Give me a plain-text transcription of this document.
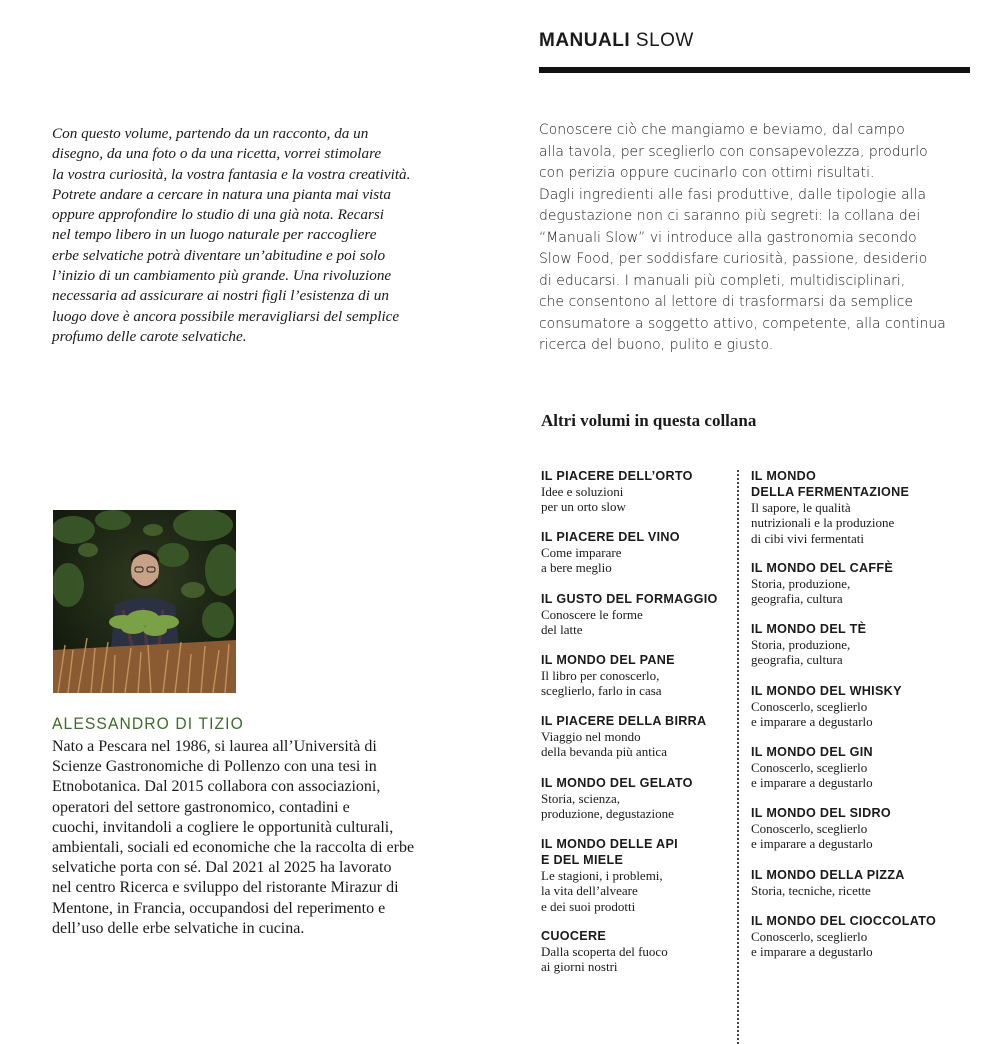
MANUALI SLOW
Con questo volume, partendo da un racconto, da un
disegno, da una foto o da una ricetta, vorrei stimolare
la vostra curiosità, la vostra fantasia e la vostra creatività.
Potrete andare a cercare in natura una pianta mai vista
oppure approfondire lo studio di una già nota. Recarsi
nel tempo libero in un luogo naturale per raccogliere
erbe selvatiche potrà diventare un’abitudine e poi solo
l’inizio di un cambiamento più grande. Una rivoluzione
necessaria ad assicurare ai nostri figli l’esistenza di un
luogo dove è ancora possibile meravigliarsi del semplice
profumo delle carote selvatiche.
Conoscere ciò che mangiamo e beviamo, dal campo
alla tavola, per sceglierlo con consapevolezza, produrlo
con perizia oppure cucinarlo con ottimi risultati.
Dagli ingredienti alle fasi produttive, dalle tipologie alla
degustazione non ci saranno più segreti: la collana dei
“Manuali Slow” vi introduce alla gastronomia secondo
Slow Food, per soddisfare curiosità, passione, desiderio
di educarsi. I manuali più completi, multidisciplinari,
che consentono al lettore di trasformarsi da semplice
consumatore a soggetto attivo, competente, alla continua
ricerca del buono, pulito e giusto.
Altri volumi in questa collana
ALESSANDRO DI TIZIO
Nato a Pescara nel 1986, si laurea all’Università di
Scienze Gastronomiche di Pollenzo con una tesi in
Etnobotanica. Dal 2015 collabora con associazioni,
operatori del settore gastronomico, contadini e
cuochi, invitandoli a cogliere le opportunità culturali,
ambientali, sociali ed economiche che la raccolta di erbe
selvatiche porta con sé. Dal 2021 al 2025 ha lavorato
nel centro Ricerca e sviluppo del ristorante Mirazur di
Mentone, in Francia, occupandosi del reperimento e
dell’uso delle erbe selvatiche in cucina.
IL PIACERE DELL’ORTO
Idee e soluzioni
per un orto slow
IL PIACERE DEL VINO
Come imparare
a bere meglio
IL GUSTO DEL FORMAGGIO
Conoscere le forme
del latte
IL MONDO DEL PANE
Il libro per conoscerlo,
sceglierlo, farlo in casa
IL PIACERE DELLA BIRRA
Viaggio nel mondo
della bevanda più antica
IL MONDO DEL GELATO
Storia, scienza,
produzione, degustazione
IL MONDO DELLE API
E DEL MIELE
Le stagioni, i problemi,
la vita dell’alveare
e dei suoi prodotti
CUOCERE
Dalla scoperta del fuoco
ai giorni nostri
IL MONDO
DELLA FERMENTAZIONE
Il sapore, le qualità
nutrizionali e la produzione
di cibi vivi fermentati
IL MONDO DEL CAFFÈ
Storia, produzione,
geografia, cultura
IL MONDO DEL TÈ
Storia, produzione,
geografia, cultura
IL MONDO DEL WHISKY
Conoscerlo, sceglierlo
e imparare a degustarlo
IL MONDO DEL GIN
Conoscerlo, sceglierlo
e imparare a degustarlo
IL MONDO DEL SIDRO
Conoscerlo, sceglierlo
e imparare a degustarlo
IL MONDO DELLA PIZZA
Storia, tecniche, ricette
IL MONDO DEL CIOCCOLATO
Conoscerlo, sceglierlo
e imparare a degustarlo
